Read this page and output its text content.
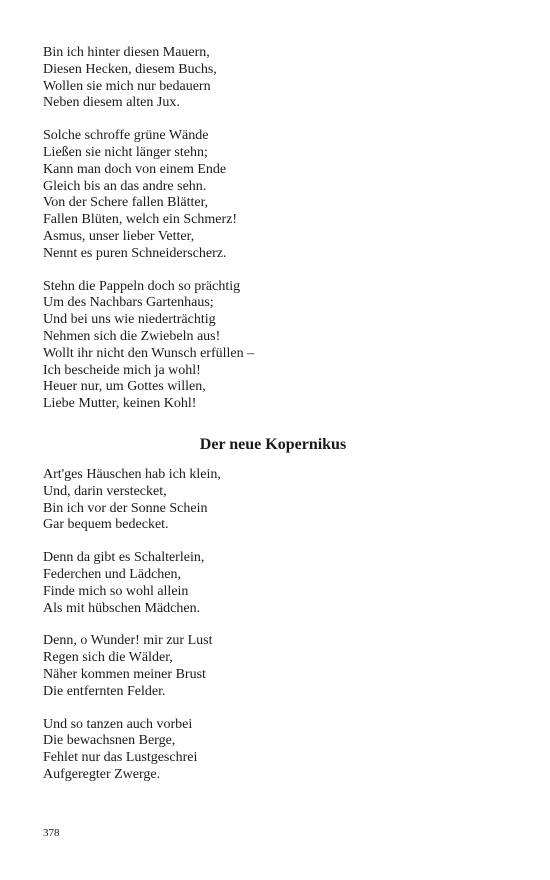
Bin ich hinter diesen Mauern,
Diesen Hecken, diesem Buchs,
Wollen sie mich nur bedauern
Neben diesem alten Jux.
Solche schroffe grüne Wände
Ließen sie nicht länger stehn;
Kann man doch von einem Ende
Gleich bis an das andre sehn.
Von der Schere fallen Blätter,
Fallen Blüten, welch ein Schmerz!
Asmus, unser lieber Vetter,
Nennt es puren Schneiderscherz.
Stehn die Pappeln doch so prächtig
Um des Nachbars Gartenhaus;
Und bei uns wie niederträchtig
Nehmen sich die Zwiebeln aus!
Wollt ihr nicht den Wunsch erfüllen –
Ich bescheide mich ja wohl!
Heuer nur, um Gottes willen,
Liebe Mutter, keinen Kohl!
Der neue Kopernikus
Art'ges Häuschen hab ich klein,
Und, darin verstecket,
Bin ich vor der Sonne Schein
Gar bequem bedecket.
Denn da gibt es Schalterlein,
Federchen und Lädchen,
Finde mich so wohl allein
Als mit hübschen Mädchen.
Denn, o Wunder! mir zur Lust
Regen sich die Wälder,
Näher kommen meiner Brust
Die entfernten Felder.
Und so tanzen auch vorbei
Die bewachsnen Berge,
Fehlet nur das Lustgeschrei
Aufgeregter Zwerge.
378
